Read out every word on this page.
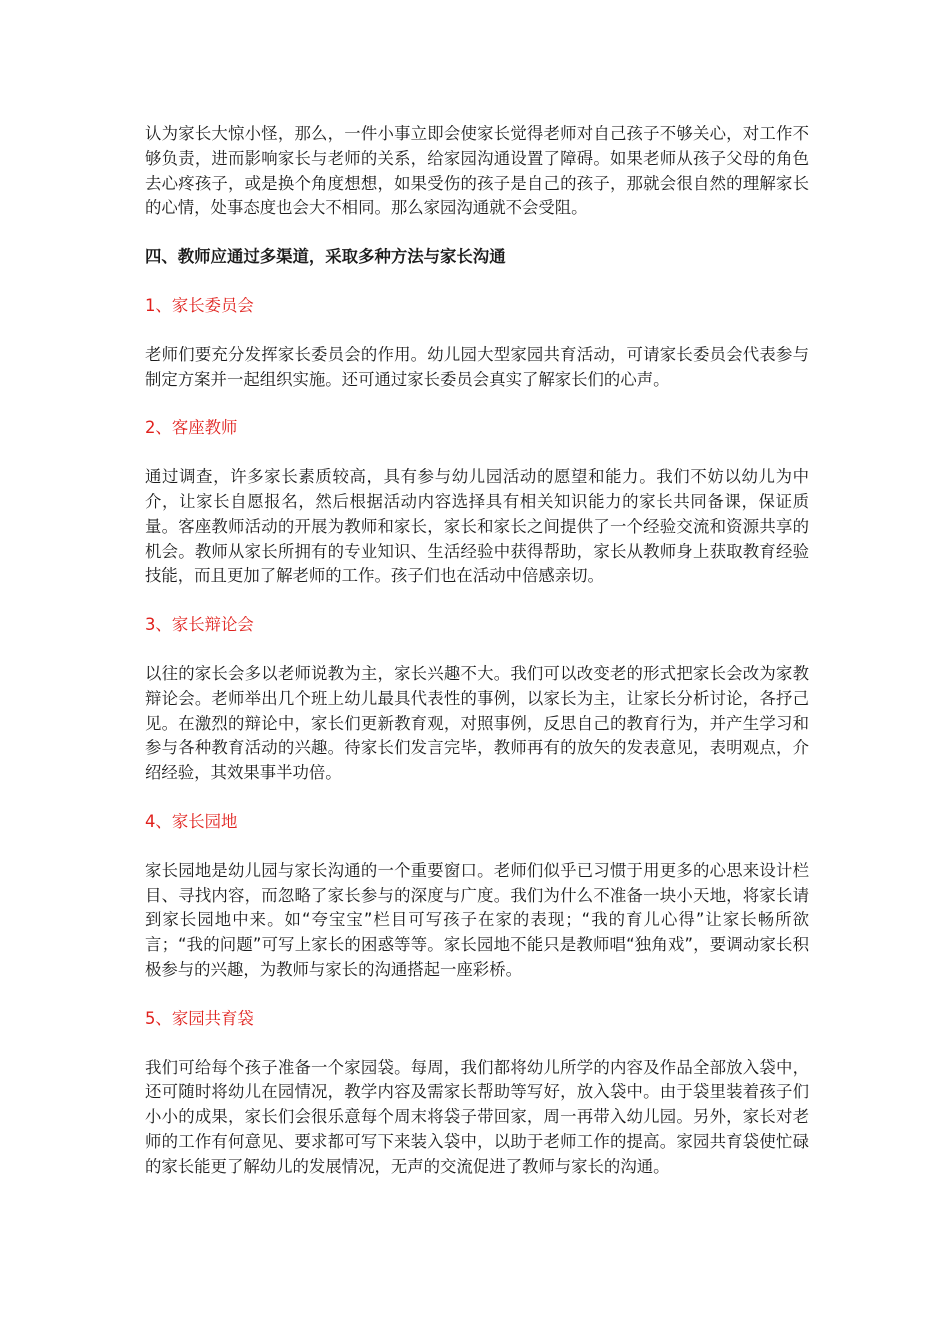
认为家长大惊小怪，那么，一件小事立即会使家长觉得老师对自己孩子不够关心，对工作不够负责，进而影响家长与老师的关系，给家园沟通设置了障碍。如果老师从孩子父母的角色去心疼孩子，或是换个角度想想，如果受伤的孩子是自己的孩子，那就会很自然的理解家长的心情，处事态度也会大不相同。那么家园沟通就不会受阻。

四、教师应通过多渠道，采取多种方法与家长沟通

1、家长委员会

老师们要充分发挥家长委员会的作用。幼儿园大型家园共育活动，可请家长委员会代表参与制定方案并一起组织实施。还可通过家长委员会真实了解家长们的心声。

2、客座教师

通过调查，许多家长素质较高，具有参与幼儿园活动的愿望和能力。我们不妨以幼儿为中介，让家长自愿报名，然后根据活动内容选择具有相关知识能力的家长共同备课，保证质量。客座教师活动的开展为教师和家长，家长和家长之间提供了一个经验交流和资源共享的机会。教师从家长所拥有的专业知识、生活经验中获得帮助，家长从教师身上获取教育经验技能，而且更加了解老师的工作。孩子们也在活动中倍感亲切。

3、家长辩论会

以往的家长会多以老师说教为主，家长兴趣不大。我们可以改变老的形式把家长会改为家教辩论会。老师举出几个班上幼儿最具代表性的事例，以家长为主，让家长分析讨论，各抒己见。在激烈的辩论中，家长们更新教育观，对照事例，反思自己的教育行为，并产生学习和参与各种教育活动的兴趣。待家长们发言完毕，教师再有的放矢的发表意见，表明观点，介绍经验，其效果事半功倍。

4、家长园地

家长园地是幼儿园与家长沟通的一个重要窗口。老师们似乎已习惯于用更多的心思来设计栏目、寻找内容，而忽略了家长参与的深度与广度。我们为什么不准备一块小天地，将家长请到家长园地中来。如“夸宝宝”栏目可写孩子在家的表现；“我的育儿心得”让家长畅所欲言；“我的问题”可写上家长的困惑等等。家长园地不能只是教师唱“独角戏”，要调动家长积极参与的兴趣，为教师与家长的沟通搭起一座彩桥。

5、家园共育袋

我们可给每个孩子准备一个家园袋。每周，我们都将幼儿所学的内容及作品全部放入袋中，还可随时将幼儿在园情况，教学内容及需家长帮助等写好，放入袋中。由于袋里装着孩子们小小的成果，家长们会很乐意每个周末将袋子带回家，周一再带入幼儿园。另外，家长对老师的工作有何意见、要求都可写下来装入袋中，以助于老师工作的提高。家园共育袋使忙碌的家长能更了解幼儿的发展情况，无声的交流促进了教师与家长的沟通。
